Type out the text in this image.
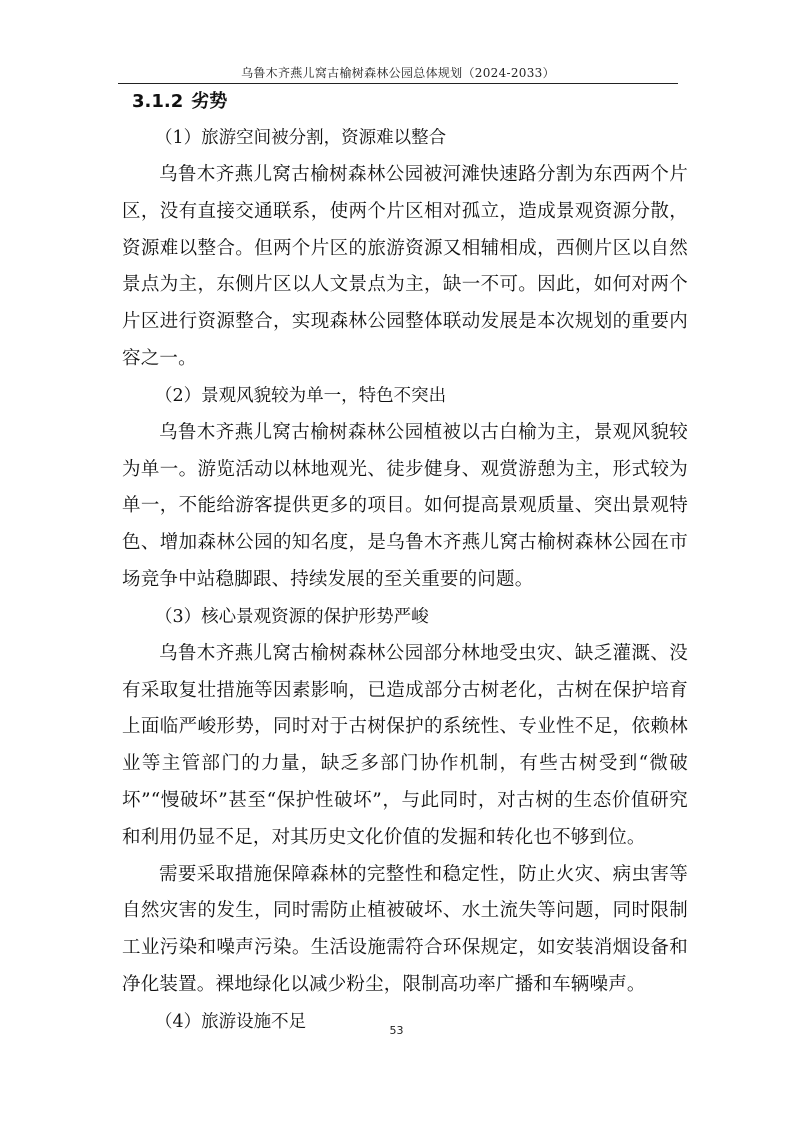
乌鲁木齐燕儿窝古榆树森林公园总体规划（2024-2033）
3.1.2 劣势
（1）旅游空间被分割，资源难以整合

乌鲁木齐燕儿窝古榆树森林公园被河滩快速路分割为东西两个片区，没有直接交通联系，使两个片区相对孤立，造成景观资源分散，资源难以整合。但两个片区的旅游资源又相辅相成，西侧片区以自然景点为主，东侧片区以人文景点为主，缺一不可。因此，如何对两个片区进行资源整合，实现森林公园整体联动发展是本次规划的重要内容之一。

（2）景观风貌较为单一，特色不突出

乌鲁木齐燕儿窝古榆树森林公园植被以古白榆为主，景观风貌较为单一。游览活动以林地观光、徒步健身、观赏游憩为主，形式较为单一，不能给游客提供更多的项目。如何提高景观质量、突出景观特色、增加森林公园的知名度，是乌鲁木齐燕儿窝古榆树森林公园在市场竞争中站稳脚跟、持续发展的至关重要的问题。

（3）核心景观资源的保护形势严峻

乌鲁木齐燕儿窝古榆树森林公园部分林地受虫灾、缺乏灌溉、没有采取复壮措施等因素影响，已造成部分古树老化，古树在保护培育上面临严峻形势，同时对于古树保护的系统性、专业性不足，依赖林业等主管部门的力量，缺乏多部门协作机制，有些古树受到“微破坏”“慢破坏”甚至“保护性破坏”，与此同时，对古树的生态价值研究和利用仍显不足，对其历史文化价值的发掘和转化也不够到位。

需要采取措施保障森林的完整性和稳定性，防止火灾、病虫害等自然灾害的发生，同时需防止植被破坏、水土流失等问题，同时限制工业污染和噪声污染。生活设施需符合环保规定，如安装消烟设备和净化装置。裸地绿化以减少粉尘，限制高功率广播和车辆噪声。

（4）旅游设施不足	53
